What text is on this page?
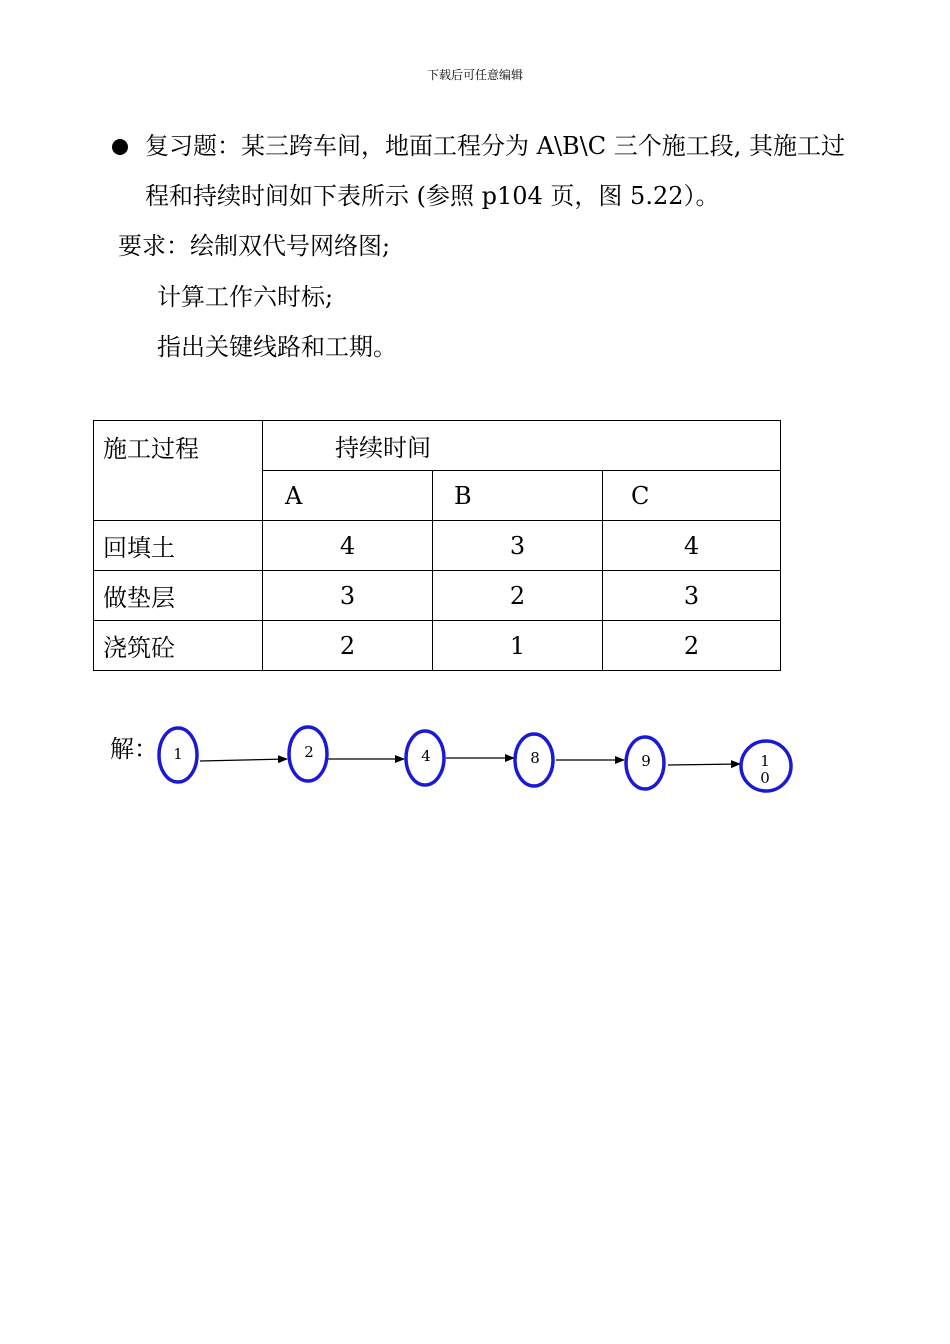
下载后可任意编辑
复习题：某三跨车间，地面工程分为 A\B\C 三个施工段, 其施工过
程和持续时间如下表所示 (参照 p104 页，图 5.22）。
要求：绘制双代号网络图;
计算工作六时标;
指出关键线路和工期。
施工过程	持续时间		
	A	B	C
回填土	4	3	4
做垫层	3	2	3
浇筑砼	2	1	2
解： 1	2	4	8	9	1 0
